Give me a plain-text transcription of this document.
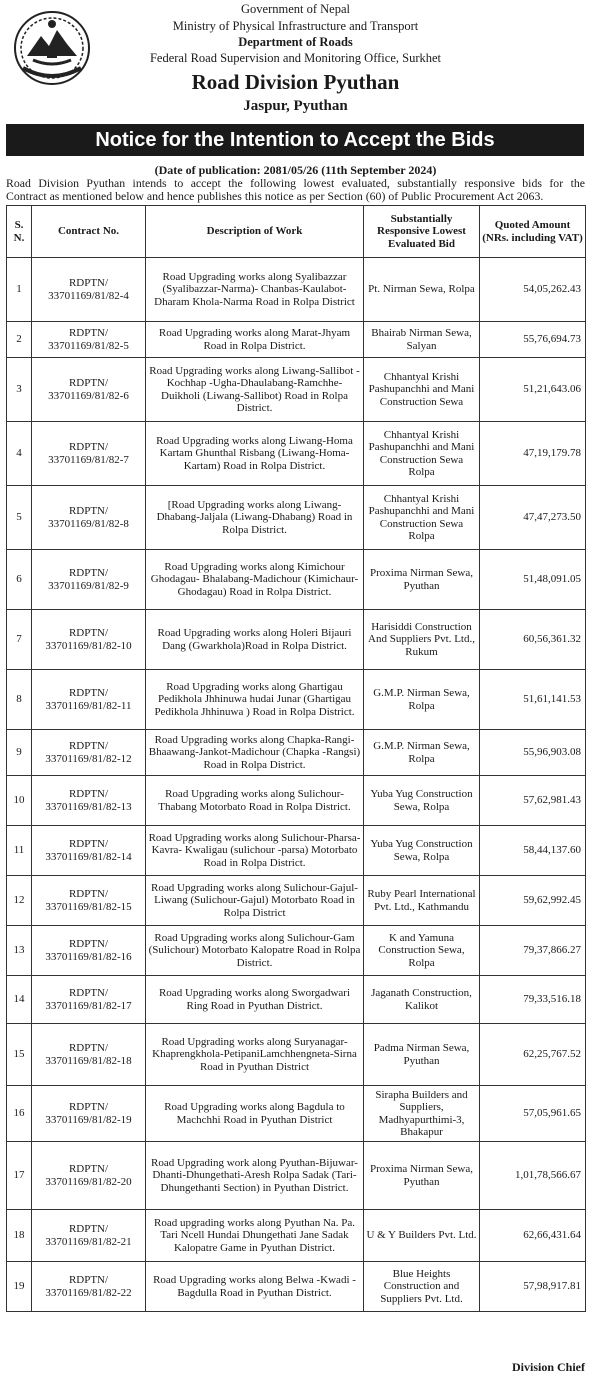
Government of Nepal
Ministry of Physical Infrastructure and Transport
Department of Roads
Federal Road Supervision and Monitoring Office, Surkhet
Road Division Pyuthan
Jaspur, Pyuthan
Notice for the Intention to Accept the Bids
(Date of publication: 2081/05/26 (11th September 2024)
Road Division Pyuthan intends to accept the following lowest evaluated, substantially responsive bids for the
Contract as mentioned below and hence publishes this notice as per Section (60) of Public Procurement Act 2063.
S. N.	Contract No.	Description of Work	Substantially Responsive Lowest Evaluated Bid	Quoted Amount (NRs. including VAT)
1	RDPTN/ 33701169/81/82-4	Road Upgrading works along Syalibazzar (Syalibazzar-Narma)- Chanbas-Kaulabot-Dharam Khola-Narma Road in Rolpa District	Pt. Nirman Sewa, Rolpa	54,05,262.43
2	RDPTN/ 33701169/81/82-5	Road Upgrading works along Marat-Jhyam Road in Rolpa District.	Bhairab Nirman Sewa, Salyan	55,76,694.73
3	RDPTN/ 33701169/81/82-6	Road Upgrading works along Liwang-Sallibot - Kochhap -Ugha-Dhaulabang-Ramchhe-Duikholi (Liwang-Sallibot) Road in Rolpa District.	Chhantyal Krishi Pashupanchhi and Mani Construction Sewa	51,21,643.06
4	RDPTN/ 33701169/81/82-7	Road Upgrading works along Liwang-Homa Kartam Ghunthal Risbang (Liwang-Homa-Kartam) Road in Rolpa District.	Chhantyal Krishi Pashupanchhi and Mani Construction Sewa Rolpa	47,19,179.78
5	RDPTN/ 33701169/81/82-8	[Road Upgrading works along Liwang-Dhabang-Jaljala (Liwang-Dhabang) Road in Rolpa District.	Chhantyal Krishi Pashupanchhi and Mani Construction Sewa Rolpa	47,47,273.50
6	RDPTN/ 33701169/81/82-9	Road Upgrading works along Kimichour Ghodagau- Bhalabang-Madichour (Kimichaur-Ghodagau) Road in Rolpa District.	Proxima Nirman Sewa, Pyuthan	51,48,091.05
7	RDPTN/ 33701169/81/82-10	Road Upgrading works along Holeri Bijauri Dang (Gwarkhola)Road in Rolpa District.	Harisiddi Construction And Suppliers Pvt. Ltd., Rukum	60,56,361.32
8	RDPTN/ 33701169/81/82-11	Road Upgrading works along Ghartigau Pedikhola Jhhinuwa hudai Junar (Ghartigau Pedikhola Jhhinuwa ) Road in Rolpa District.	G.M.P. Nirman Sewa, Rolpa	51,61,141.53
9	RDPTN/ 33701169/81/82-12	Road Upgrading works along Chapka-Rangi-Bhaawang-Jankot-Madichour (Chapka -Rangsi) Road in Rolpa District.	G.M.P. Nirman Sewa, Rolpa	55,96,903.08
10	RDPTN/ 33701169/81/82-13	Road Upgrading works along Sulichour-Thabang Motorbato Road in Rolpa District.	Yuba Yug Construction Sewa, Rolpa	57,62,981.43
11	RDPTN/ 33701169/81/82-14	Road Upgrading works along Sulichour-Pharsa- Kavra- Kwaligau (sulichour -parsa) Motorbato Road in Rolpa District.	Yuba Yug Construction Sewa, Rolpa	58,44,137.60
12	RDPTN/ 33701169/81/82-15	Road Upgrading works along Sulichour-Gajul-Liwang (Sulichour-Gajul) Motorbato Road in Rolpa District	Ruby Pearl International Pvt. Ltd., Kathmandu	59,62,992.45
13	RDPTN/ 33701169/81/82-16	Road Upgrading works along Sulichour-Gam (Sulichour) Motorbato Kalopatre Road in Rolpa District.	K and Yamuna Construction Sewa, Rolpa	79,37,866.27
14	RDPTN/ 33701169/81/82-17	Road Upgrading works along Sworgadwari Ring Road in Pyuthan District.	Jaganath Construction, Kalikot	79,33,516.18
15	RDPTN/ 33701169/81/82-18	Road Upgrading works along Suryanagar-Khaprengkhola-PetipaniLamchhengneta-Sirna Road in Pyuthan District	Padma Nirman Sewa, Pyuthan	62,25,767.52
16	RDPTN/ 33701169/81/82-19	Road Upgrading works along Bagdula to Machchhi Road in Pyuthan District	Sirapha Builders and Suppliers, Madhyapurthimi-3, Bhakapur	57,05,961.65
17	RDPTN/ 33701169/81/82-20	Road Upgrading work along Pyuthan-Bijuwar-Dhanti-Dhungethati-Aresh Rolpa Sadak (Tari-Dhungethanti Section) in Pyuthan District.	Proxima Nirman Sewa, Pyuthan	1,01,78,566.67
18	RDPTN/ 33701169/81/82-21	Road upgrading works along Pyuthan Na. Pa. Tari Ncell Hundai Dhungethati Jane Sadak Kalopatre Game in Pyuthan District.	U & Y Builders Pvt. Ltd.	62,66,431.64
19	RDPTN/ 33701169/81/82-22	Road Upgrading works along Belwa -Kwadi - Bagdulla Road in Pyuthan District.	Blue Heights Construction and Suppliers Pvt. Ltd.	57,98,917.81
Division Chief
